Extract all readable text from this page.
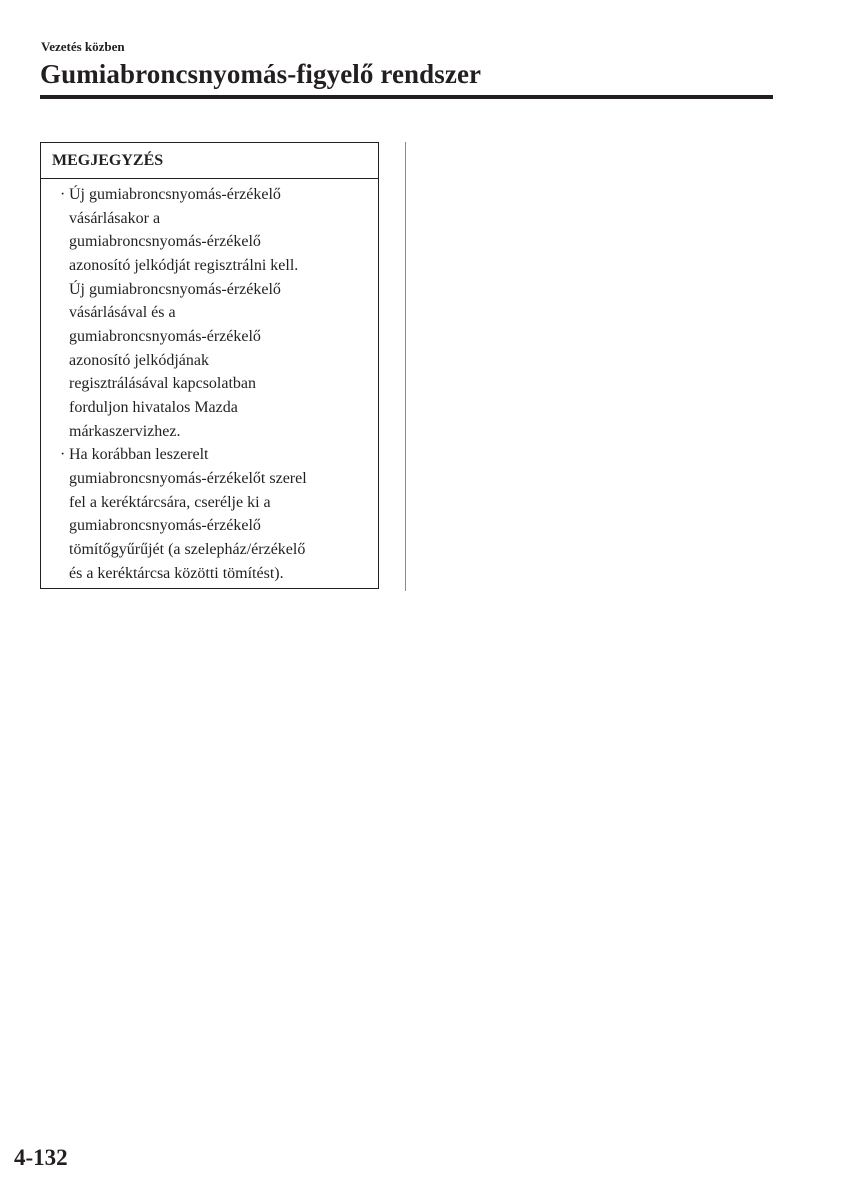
Vezetés közben
Gumiabroncsnyomás-figyelő rendszer
MEGJEGYZÉS
· Új gumiabroncsnyomás-érzékelő
vásárlásakor a
gumiabroncsnyomás-érzékelő
azonosító jelkódját regisztrálni kell.
Új gumiabroncsnyomás-érzékelő
vásárlásával és a
gumiabroncsnyomás-érzékelő
azonosító jelkódjának
regisztrálásával kapcsolatban
forduljon hivatalos Mazda
márkaszervizhez.
· Ha korábban leszerelt
gumiabroncsnyomás-érzékelőt szerel
fel a keréktárcsára, cserélje ki a
gumiabroncsnyomás-érzékelő
tömítőgyűrűjét (a szelepház/érzékelő
és a keréktárcsa közötti tömítést).
4-132
